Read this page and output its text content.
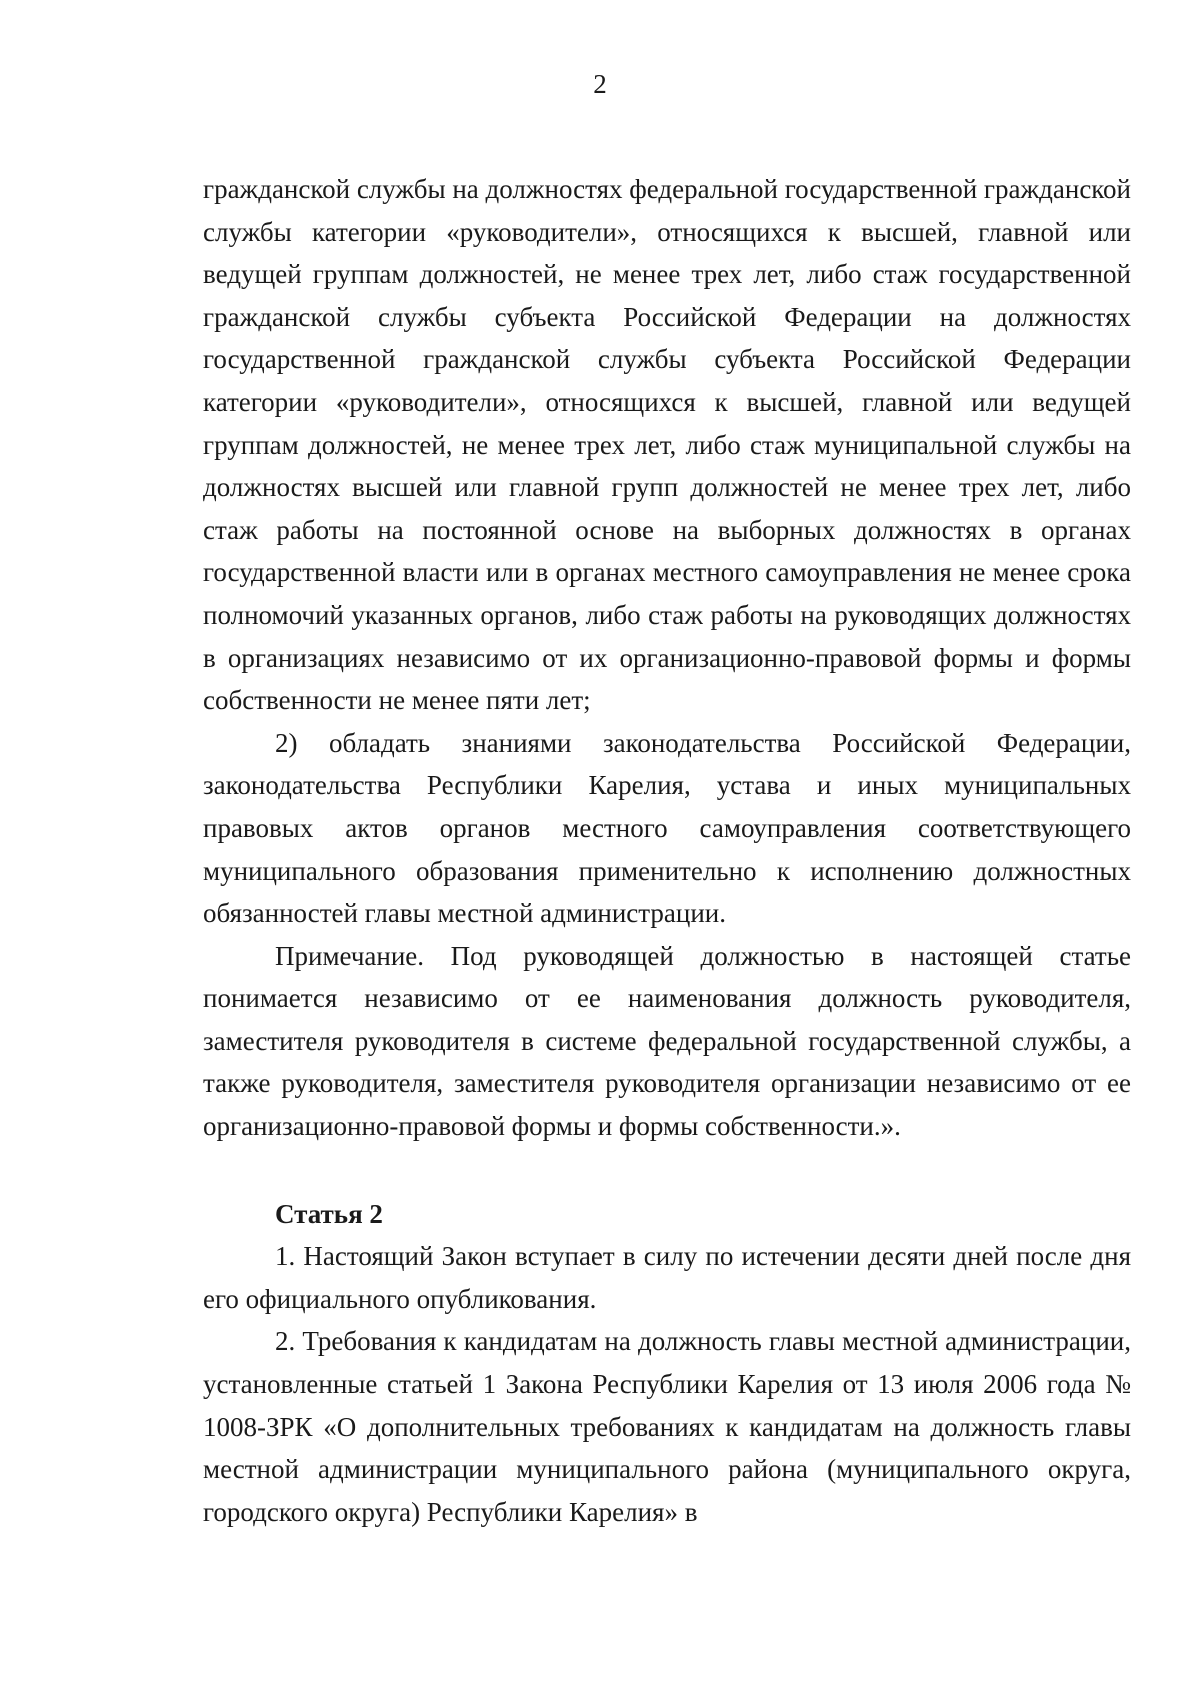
2

гражданской службы на должностях федеральной государственной гражданской службы категории «руководители», относящихся к высшей, главной или ведущей группам должностей, не менее трех лет, либо стаж государственной гражданской службы субъекта Российской Федерации на должностях государственной гражданской службы субъекта Российской Федерации категории «руководители», относящихся к высшей, главной или ведущей группам должностей, не менее трех лет, либо стаж муниципальной службы на должностях высшей или главной групп должностей не менее трех лет, либо стаж работы на постоянной основе на выборных должностях в органах государственной власти или в органах местного самоуправления не менее срока полномочий указанных органов, либо стаж работы на руководящих должностях в организациях независимо от их организационно-правовой формы и формы собственности не менее пяти лет;

2) обладать знаниями законодательства Российской Федерации, законодательства Республики Карелия, устава и иных муниципальных правовых актов органов местного самоуправления соответствующего муниципального образования применительно к исполнению должностных обязанностей главы местной администрации.

Примечание. Под руководящей должностью в настоящей статье понимается независимо от ее наименования должность руководителя, заместителя руководителя в системе федеральной государственной службы, а также руководителя, заместителя руководителя организации независимо от ее организационно-правовой формы и формы собственности.».

Статья 2

1. Настоящий Закон вступает в силу по истечении десяти дней после дня его официального опубликования.

2. Требования к кандидатам на должность главы местной администрации, установленные статьей 1 Закона Республики Карелия от 13 июля 2006 года № 1008-ЗРК «О дополнительных требованиях к кандидатам на должность главы местной администрации муниципального района (муниципального округа, городского округа) Республики Карелия» в
